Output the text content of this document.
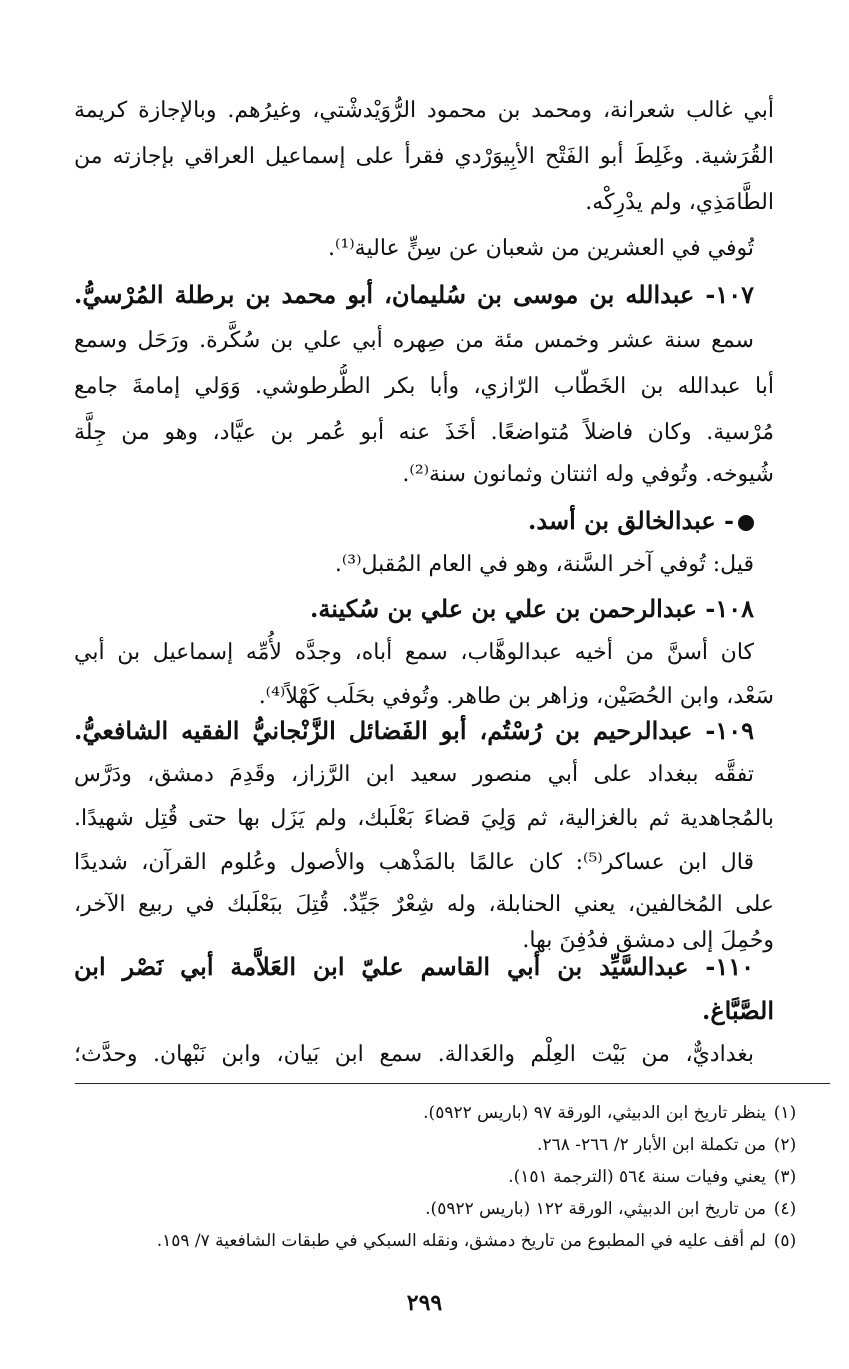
أبي غالب شعرانة، ومحمد بن محمود الرُّوَيْدشْتي، وغيرُهم. وبالإجازة كريمة
القُرَشية. وغَلِطَ أبو الفَتْح الأبِيوَرْدي فقرأ على إسماعيل العراقي بإجازته من
الطَّامَذِي، ولم يدْرِكْه.
تُوفي في العشرين من شعبان عن سِنٍّ عالية⁽¹⁾.
١٠٧- عبدالله بن موسى بن سُليمان، أبو محمد بن برطلة المُرْسيُّ.
سمع سنة عشر وخمس مئة من صِهره أبي علي بن سُكَّرة. ورَحَل وسمع
أبا عبدالله بن الخَطّاب الرّازي، وأبا بكر الطُّرطوشي. وَوَلي إمامةَ جامع
مُرْسية. وكان فاضلاً مُتواضعًا. أخَذَ عنه أبو عُمر بن عيَّاد، وهو من جِلَّة
شُيوخه. وتُوفي وله اثنتان وثمانون سنة⁽²⁾.
- عبدالخالق بن أسد.
قيل: تُوفي آخر السَّنة، وهو في العام المُقبل⁽³⁾.
١٠٨- عبدالرحمن بن علي بن علي بن سُكينة.
كان أسنَّ من أخيه عبدالوهَّاب، سمع أباه، وجدَّه لأُمِّه إسماعيل بن أبي
سَعْد، وابن الحُصَيْن، وزاهر بن طاهر. وتُوفي بحَلَب كَهْلاً⁽⁴⁾.
١٠٩- عبدالرحيم بن رُسْتُم، أبو الفَضائل الزَّنْجانيُّ الفقيه الشافعيُّ.
تفقَّه ببغداد على أبي منصور سعيد ابن الرَّزاز، وقَدِمَ دمشق، ودَرَّس
بالمُجاهدية ثم بالغزالية، ثم وَلِيَ قضاءَ بَعْلَبك، ولم يَزَل بها حتى قُتِل شهيدًا.
قال ابن عساكر⁽⁵⁾: كان عالمًا بالمَذْهب والأصول وعُلوم القرآن، شديدًا
على المُخالفين، يعني الحنابلة، وله شِعْرٌ جَيِّدٌ. قُتِلَ ببَعْلَبك في ربيع الآخر،
وحُمِلَ إلى دمشق فدُفِنَ بها.
١١٠- عبدالسَّيِّد بن أبي القاسم عليّ ابن العَلاَّمة أبي نَصْر ابن
الصَّبَّاغ.
بغداديٌّ، من بَيْت العِلْم والعَدالة. سمع ابن بَيان، وابن نَبْهان. وحدَّث؛
(١)ينظر تاريخ ابن الدبيثي، الورقة ٩٧ (باريس ٥٩٢٢).
(٢)من تكملة ابن الأبار ٢/ ٢٦٦- ٢٦٨.
(٣)يعني وفيات سنة ٥٦٤ (الترجمة ١٥١).
(٤)من تاريخ ابن الدبيثي، الورقة ١٢٢ (باريس ٥٩٢٢).
(٥)لم أقف عليه في المطبوع من تاريخ دمشق، ونقله السبكي في طبقات الشافعية ٧/ ١٥٩.
٢٩٩
